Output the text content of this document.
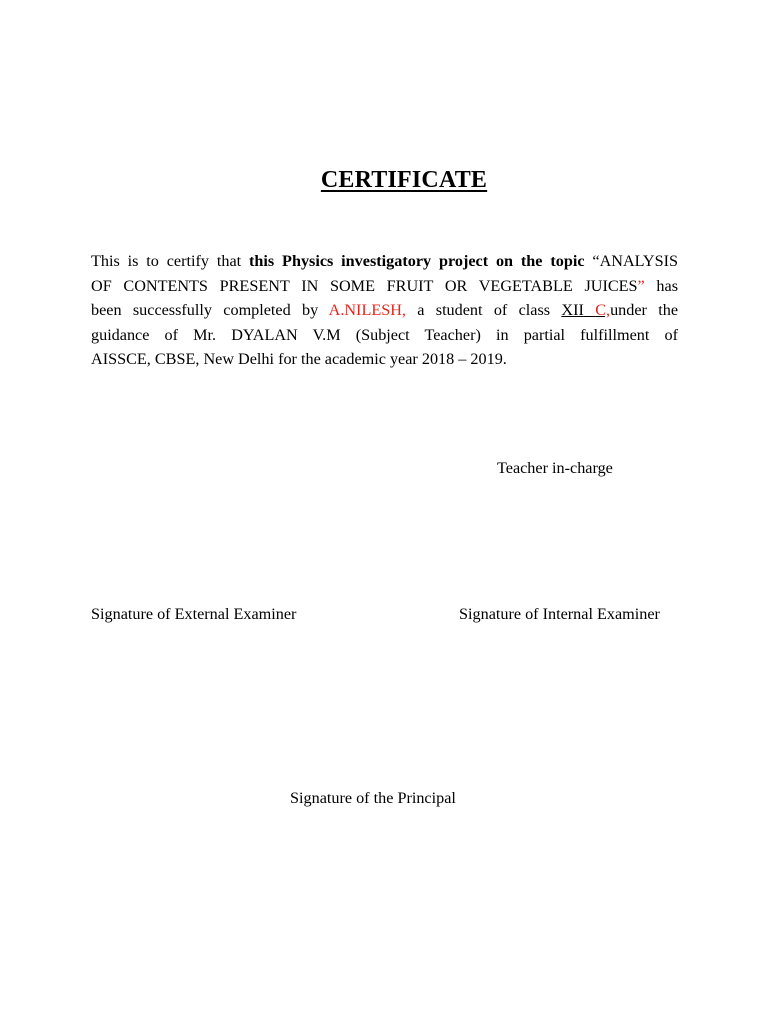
CERTIFICATE
This is to certify that this Physics investigatory project on the topic “ANALYSIS
OF CONTENTS PRESENT IN SOME FRUIT OR VEGETABLE JUICES” has
been successfully completed by A.NILESH, a student of class XII C,under the
guidance of Mr. DYALAN V.M (Subject Teacher) in partial fulfillment of
AISSCE, CBSE, New Delhi for the academic year 2018 – 2019.
Teacher in-charge
Signature of External Examiner	Signature of Internal Examiner
Signature of the Principal
